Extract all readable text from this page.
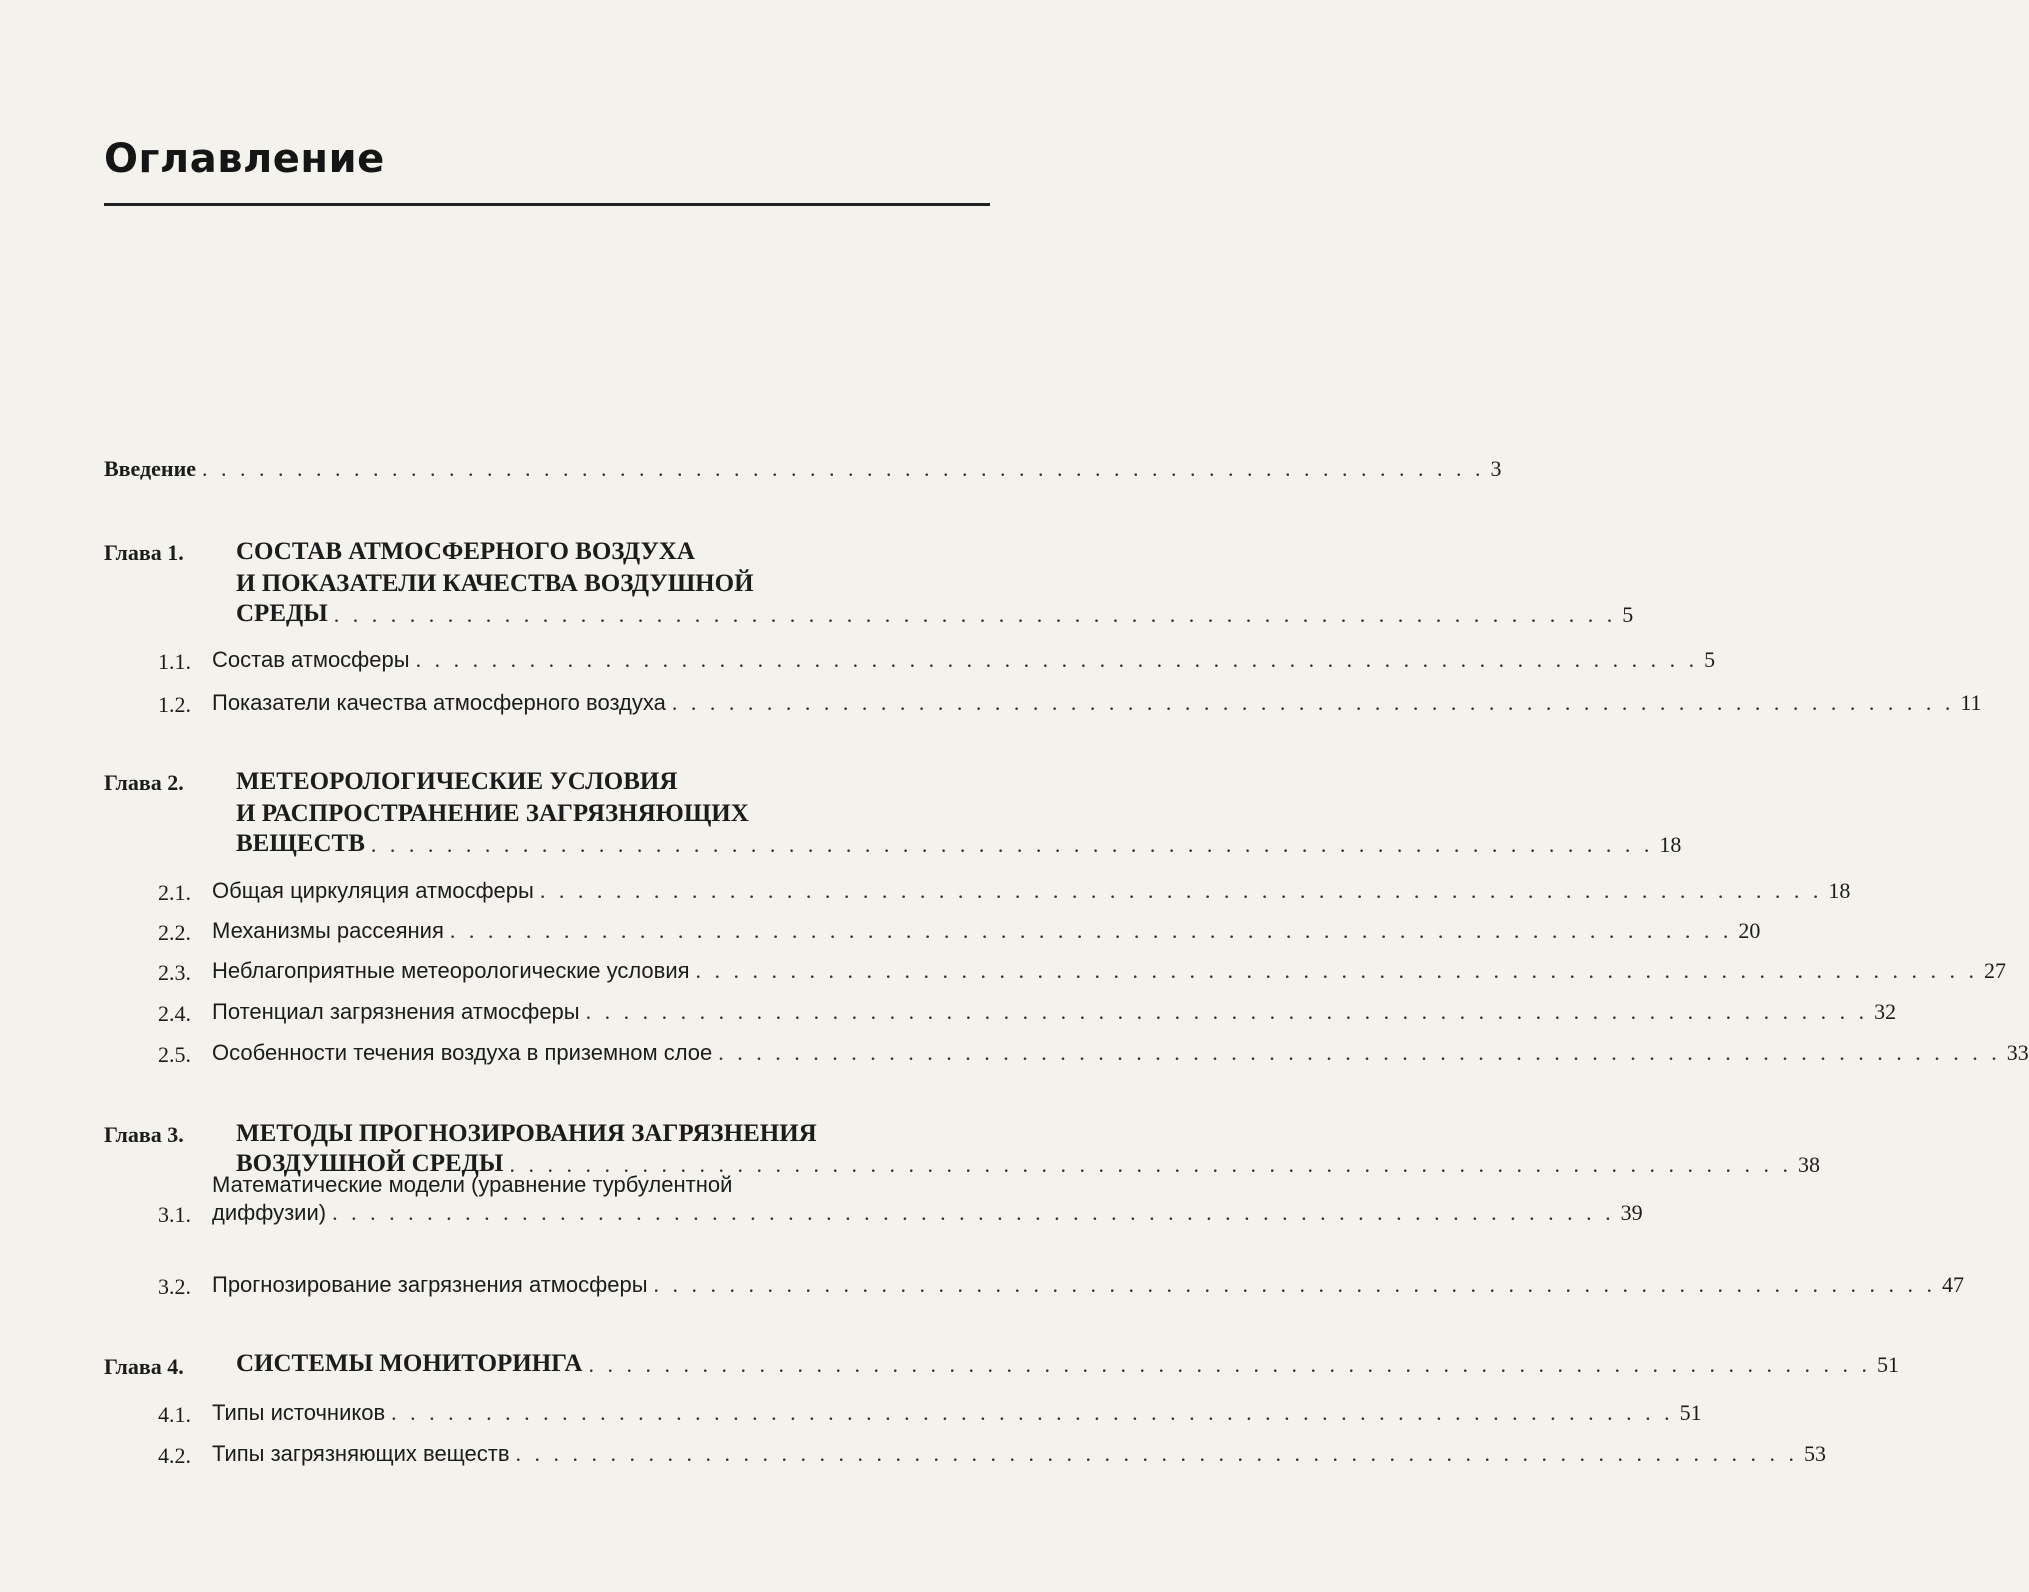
Оглавление
Введение . . . . . . . . . . . . . . . . . . . . . . . . . . . . . . . . . . . . . . . . . . . . . . . . . . . . . . . . . . . . . . . . . . . . 3
Глава 1. СОСТАВ АТМОСФЕРНОГО ВОЗДУХА
И ПОКАЗАТЕЛИ КАЧЕСТВА ВОЗДУШНОЙ
СРЕДЫ . . . . . . . . . . . . . . . . . . . . . . . . . . . . . . . . . . . . . . . . . . . . . . . . . . . . . . . . . . . . . . . . . . . . 5
1.1. Состав атмосферы . . . . . . . . . . . . . . . . . . . . . . . . . . . . . . . . . . . . . . . . . . . . . . . . . . . . . . . . . . . . . . . . . . . . 5
1.2. Показатели качества атмосферного воздуха . . . . . . . . . . . . . . . . . . . . . . . . . . . . . . . . . . . . . . . . . . . . . . . . . . . . . . . . . . . . . . . . . . . . 11
Глава 2. МЕТЕОРОЛОГИЧЕСКИЕ УСЛОВИЯ
И РАСПРОСТРАНЕНИЕ ЗАГРЯЗНЯЮЩИХ
ВЕЩЕСТВ . . . . . . . . . . . . . . . . . . . . . . . . . . . . . . . . . . . . . . . . . . . . . . . . . . . . . . . . . . . . . . . . . . . . 18
2.1. Общая циркуляция атмосферы . . . . . . . . . . . . . . . . . . . . . . . . . . . . . . . . . . . . . . . . . . . . . . . . . . . . . . . . . . . . . . . . . . . . 18
2.2. Механизмы рассеяния . . . . . . . . . . . . . . . . . . . . . . . . . . . . . . . . . . . . . . . . . . . . . . . . . . . . . . . . . . . . . . . . . . . . 20
2.3. Неблагоприятные метеорологические условия . . . . . . . . . . . . . . . . . . . . . . . . . . . . . . . . . . . . . . . . . . . . . . . . . . . . . . . . . . . . . . . . . . . . 27
2.4. Потенциал загрязнения атмосферы . . . . . . . . . . . . . . . . . . . . . . . . . . . . . . . . . . . . . . . . . . . . . . . . . . . . . . . . . . . . . . . . . . . . 32
2.5. Особенности течения воздуха в приземном слое . . . . . . . . . . . . . . . . . . . . . . . . . . . . . . . . . . . . . . . . . . . . . . . . . . . . . . . . . . . . . . . . . . . . 33
Глава 3. МЕТОДЫ ПРОГНОЗИРОВАНИЯ ЗАГРЯЗНЕНИЯ
ВОЗДУШНОЙ СРЕДЫ . . . . . . . . . . . . . . . . . . . . . . . . . . . . . . . . . . . . . . . . . . . . . . . . . . . . . . . . . . . . . . . . . . . . 38
3.1.
Математические модели (уравнение турбулентной
диффузии) . . . . . . . . . . . . . . . . . . . . . . . . . . . . . . . . . . . . . . . . . . . . . . . . . . . . . . . . . . . . . . . . . . . . 39
3.2. Прогнозирование загрязнения атмосферы . . . . . . . . . . . . . . . . . . . . . . . . . . . . . . . . . . . . . . . . . . . . . . . . . . . . . . . . . . . . . . . . . . . . 47
Глава 4. СИСТЕМЫ МОНИТОРИНГА . . . . . . . . . . . . . . . . . . . . . . . . . . . . . . . . . . . . . . . . . . . . . . . . . . . . . . . . . . . . . . . . . . . . 51
4.1. Типы источников . . . . . . . . . . . . . . . . . . . . . . . . . . . . . . . . . . . . . . . . . . . . . . . . . . . . . . . . . . . . . . . . . . . . 51
4.2. Типы загрязняющих веществ . . . . . . . . . . . . . . . . . . . . . . . . . . . . . . . . . . . . . . . . . . . . . . . . . . . . . . . . . . . . . . . . . . . . 53
